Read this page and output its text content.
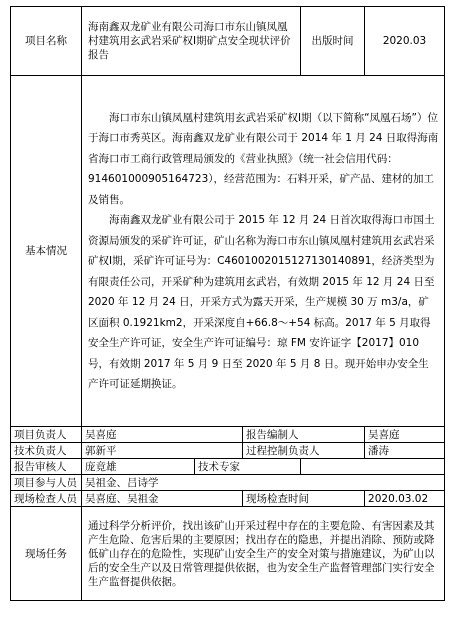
项目名称	海南鑫双龙矿业有限公司海口市东山镇凤凰村建筑用玄武岩采矿权Ⅰ期矿点安全现状评价报告			出版时间	2020.03
基本情况	海口市东山镇凤凰村建筑用玄武岩采矿权Ⅰ期（以下简称“凤凰石场”）位于海口市秀英区。海南鑫双龙矿业有限公司于 2014 年 1 月 24 日取得海南省海口市工商行政管理局颁发的《营业执照》（统一社会信用代码：914601000905164723），经营范围为：石料开采，矿产品、建材的加工及销售。

海南鑫双龙矿业有限公司于 2015 年 12 月 24 日首次取得海口市国土资源局颁发的采矿许可证，矿山名称为海口市东山镇凤凰村建筑用玄武岩采矿权Ⅰ期，采矿许可证号为：C4601002015127130140891，经济类型为有限责任公司，开采矿种为建筑用玄武岩，有效期 2015 年 12 月 24 日至 2020 年 12 月 24 日，开采方式为露天开采，生产规模 30 万 m3/a，矿区面积 0.1921km2，开采深度自+66.8～+54 标高。2017 年 5 月取得安全生产许可证，安全生产许可证编号：琼 FM 安许证字【2017】010 号，有效期 2017 年 5 月 9 日至 2020 年 5 月 8 日。现开始申办安全生产许可证延期换证。				

项目负责人	吴喜庭		报告编制人		吴喜庭
技术负责人	郭新平		过程控制负责人		潘涛
报告审核人	庞竟雄	技术专家			
项目参与人员	吴祖金、吕诗学				
现场检查人员	吴喜庭、吴祖金		现场检查时间		2020.03.02
现场任务	通过科学分析评价，找出该矿山开采过程中存在的主要危险、有害因素及其产生危险、危害后果的主要原因；找出存在的隐患，并提出消除、预防或降低矿山存在的危险性，实现矿山安全生产的安全对策与措施建议，为矿山以后的安全生产以及日常管理提供依据，也为安全生产监督管理部门实行安全生产监督提供依据。				
